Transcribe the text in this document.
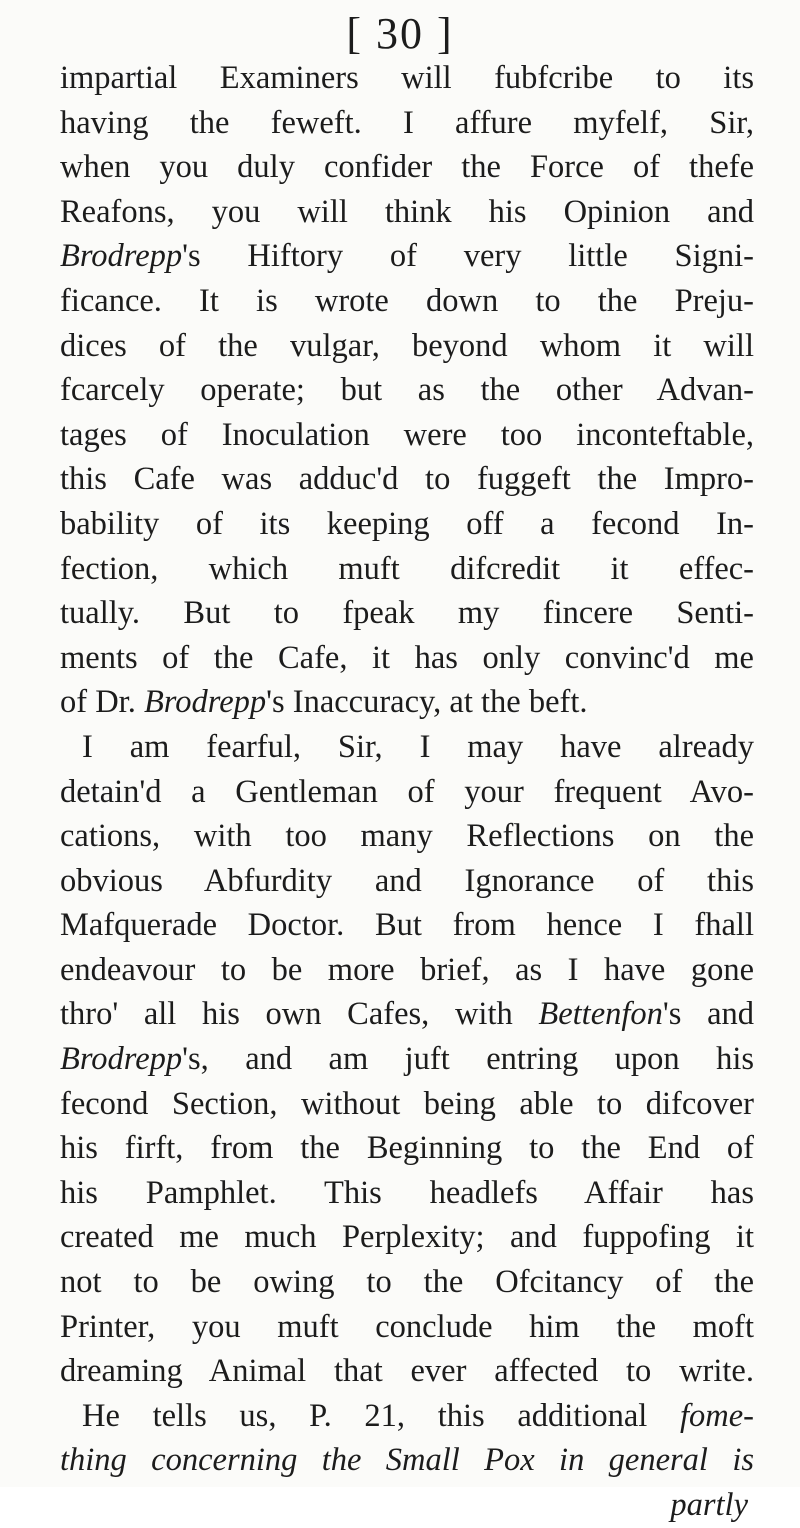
[ 30 ]
impartial Examiners will fubfcribe to its
having the feweft. I affure myfelf, Sir,
when you duly confider the Force of thefe
Reafons, you will think his Opinion and
Brodrepp's Hiftory of very little Signi-
ficance. It is wrote down to the Preju-
dices of the vulgar, beyond whom it will
fcarcely operate; but as the other Advan-
tages of Inoculation were too inconteftable,
this Cafe was adduc'd to fuggeft the Impro-
bability of its keeping off a fecond In-
fection, which muft difcredit it effec-
tually. But to fpeak my fincere Senti-
ments of the Cafe, it has only convinc'd me
of Dr. Brodrepp's Inaccuracy, at the beft.
I am fearful, Sir, I may have already
detain'd a Gentleman of your frequent Avo-
cations, with too many Reflections on the
obvious Abfurdity and Ignorance of this
Mafquerade Doctor. But from hence I fhall
endeavour to be more brief, as I have gone
thro' all his own Cafes, with Bettenfon's and
Brodrepp's, and am juft entring upon his
fecond Section, without being able to difcover
his firft, from the Beginning to the End of
his Pamphlet. This headlefs Affair has
created me much Perplexity; and fuppofing it
not to be owing to the Ofcitancy of the
Printer, you muft conclude him the moft
dreaming Animal that ever affected to write.
He tells us, P. 21, this additional fome-
thing concerning the Small Pox in general is
partly
